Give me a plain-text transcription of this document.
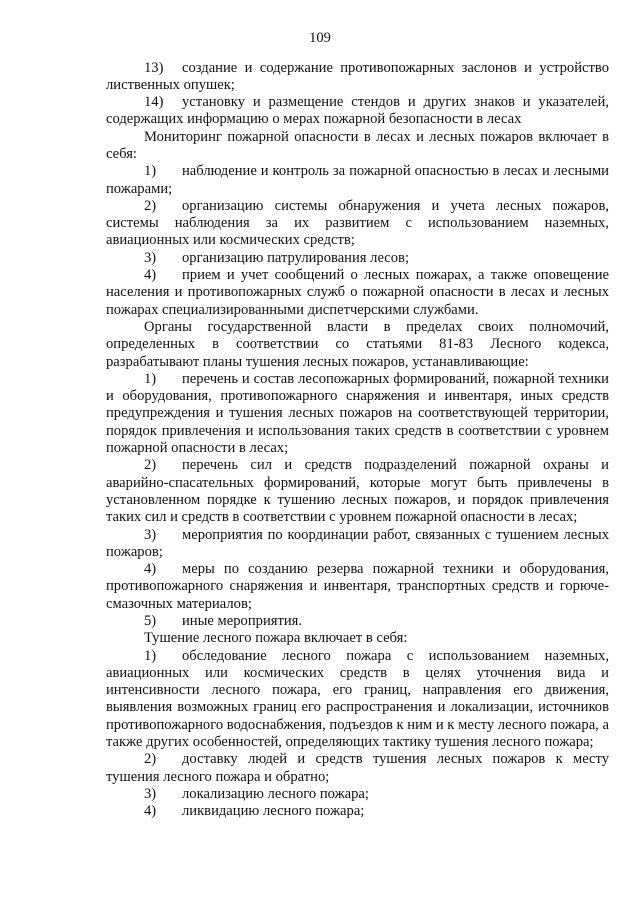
109

13) создание и содержание противопожарных заслонов и устройство лиственных опушек;

14) установку и размещение стендов и других знаков и указателей, содержащих информацию о мерах пожарной безопасности в лесах

Мониторинг пожарной опасности в лесах и лесных пожаров включает в себя:

1) наблюдение и контроль за пожарной опасностью в лесах и лесными пожарами;

2) организацию системы обнаружения и учета лесных пожаров, системы наблюдения за их развитием с использованием наземных, авиационных или космических средств;

3) организацию патрулирования лесов;

4) прием и учет сообщений о лесных пожарах, а также оповещение населения и противопожарных служб о пожарной опасности в лесах и лесных пожарах специализированными диспетчерскими службами.

Органы государственной власти в пределах своих полномочий, определенных в соответствии со статьями 81-83 Лесного кодекса, разрабатывают планы тушения лесных пожаров, устанавливающие:

1) перечень и состав лесопожарных формирований, пожарной техники и оборудования, противопожарного снаряжения и инвентаря, иных средств предупреждения и тушения лесных пожаров на соответствующей территории, порядок привлечения и использования таких средств в соответствии с уровнем пожарной опасности в лесах;

2) перечень сил и средств подразделений пожарной охраны и аварийно-спасательных формирований, которые могут быть привлечены в установленном порядке к тушению лесных пожаров, и порядок привлечения таких сил и средств в соответствии с уровнем пожарной опасности в лесах;

3) мероприятия по координации работ, связанных с тушением лесных пожаров;

4) меры по созданию резерва пожарной техники и оборудования, противопожарного снаряжения и инвентаря, транспортных средств и горюче-смазочных материалов;

5) иные мероприятия.

Тушение лесного пожара включает в себя:

1) обследование лесного пожара с использованием наземных, авиационных или космических средств в целях уточнения вида и интенсивности лесного пожара, его границ, направления его движения, выявления возможных границ его распространения и локализации, источников противопожарного водоснабжения, подъездов к ним и к месту лесного пожара, а также других особенностей, определяющих тактику тушения лесного пожара;

2) доставку людей и средств тушения лесных пожаров к месту тушения лесного пожара и обратно;

3) локализацию лесного пожара;

4) ликвидацию лесного пожара;
